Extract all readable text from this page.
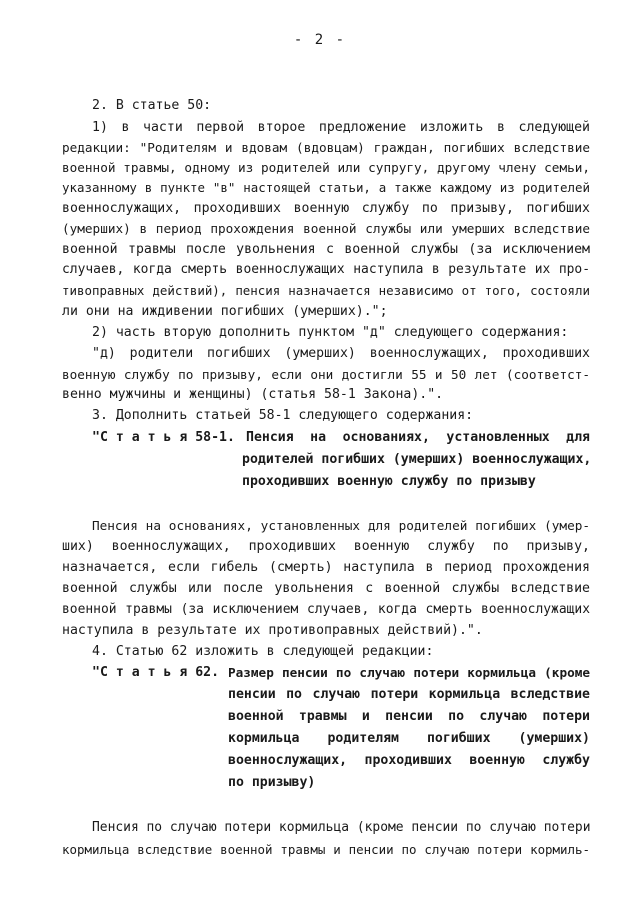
- 2 -
2. В статье 50:
1) в части первой второе предложение изложить в следующей
редакции: "Родителям и вдовам (вдовцам) граждан, погибших вследствие
военной травмы, одному из родителей или супругу, другому члену семьи,
указанному в пункте "в" настоящей статьи, а также каждому из родителей
военнослужащих, проходивших военную службу по призыву, погибших
(умерших) в период прохождения военной службы или умерших вследствие
военной травмы после увольнения с военной службы (за исключением
случаев, когда смерть военнослужащих наступила в результате их про-
тивоправных действий), пенсия назначается независимо от того, состояли
ли они на иждивении погибших (умерших).";
2) часть вторую дополнить пунктом "д" следующего содержания:
"д) родители погибших (умерших) военнослужащих, проходивших
военную службу по призыву, если они достигли 55 и 50 лет (соответст-
венно мужчины и женщины) (статья 58-1 Закона).".
3. Дополнить статьей 58-1 следующего содержания:
"С т а т ь я 58-1. Пенсия на основаниях, установленных для
родителей погибших (умерших) военнослужащих,
проходивших военную службу по призыву
Пенсия на основаниях, установленных для родителей погибших (умер-
ших) военнослужащих, проходивших военную службу по призыву,
назначается, если гибель (смерть) наступила в период прохождения
военной службы или после увольнения с военной службы вследствие
военной травмы (за исключением случаев, когда смерть военнослужащих
наступила в результате их противоправных действий).".
4. Статью 62 изложить в следующей редакции:
"С т а т ь я 62. Размер пенсии по случаю потери кормильца (кроме
пенсии по случаю потери кормильца вследствие
военной травмы и пенсии по случаю потери
кормильца родителям погибших (умерших)
военнослужащих, проходивших военную службу
по призыву)
Пенсия по случаю потери кормильца (кроме пенсии по случаю потери
кормильца вследствие военной травмы и пенсии по случаю потери кормиль-
